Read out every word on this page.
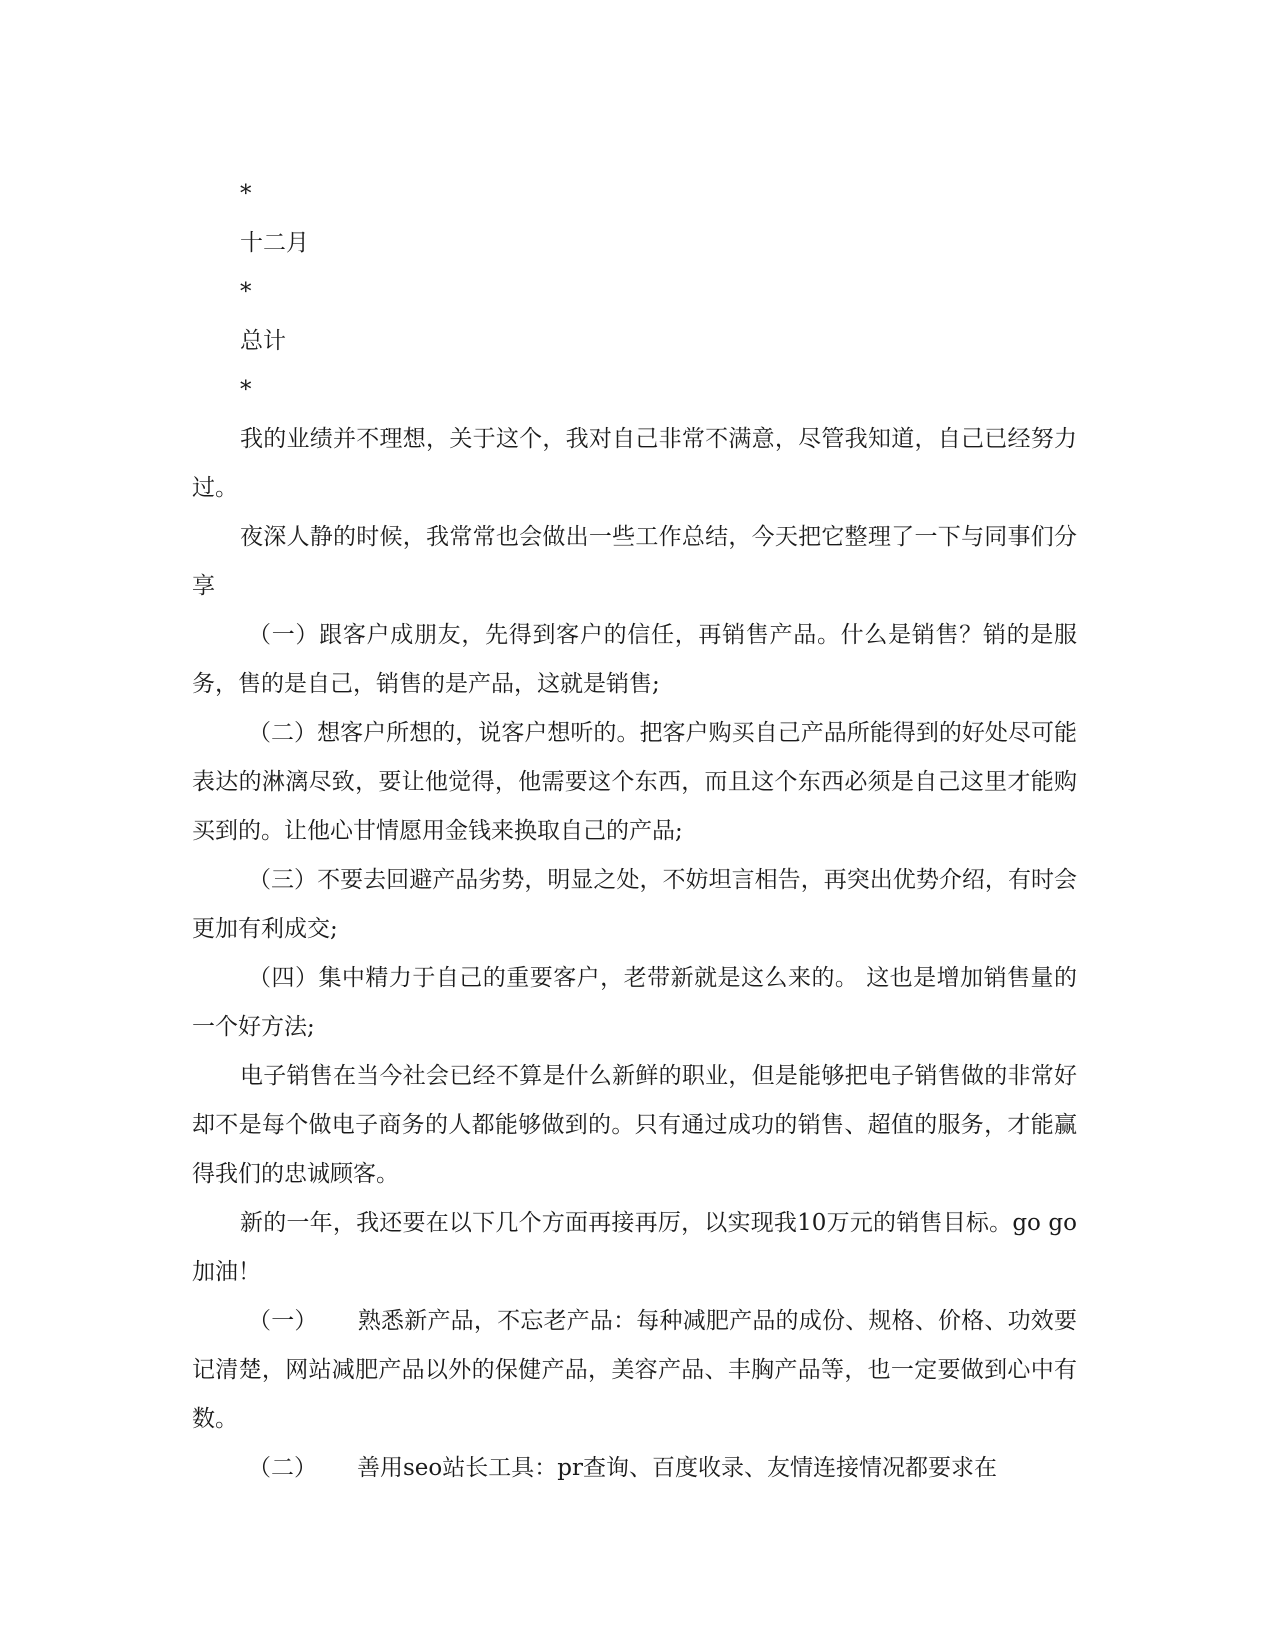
*

十二月

*

总计

*

我的业绩并不理想，关于这个，我对自己非常不满意，尽管我知道，自己已经努力过。

夜深人静的时候，我常常也会做出一些工作总结，今天把它整理了一下与同事们分享

（一）跟客户成朋友，先得到客户的信任，再销售产品。什么是销售？销的是服务，售的是自己，销售的是产品，这就是销售;

（二）想客户所想的，说客户想听的。把客户购买自己产品所能得到的好处尽可能表达的淋漓尽致，要让他觉得，他需要这个东西，而且这个东西必须是自己这里才能购买到的。让他心甘情愿用金钱来换取自己的产品;

（三）不要去回避产品劣势，明显之处，不妨坦言相告，再突出优势介绍，有时会更加有利成交;

（四）集中精力于自己的重要客户，老带新就是这么来的。 这也是增加销售量的一个好方法;

电子销售在当今社会已经不算是什么新鲜的职业，但是能够把电子销售做的非常好却不是每个做电子商务的人都能够做到的。只有通过成功的销售、超值的服务，才能赢得我们的忠诚顾客。

新的一年，我还要在以下几个方面再接再厉，以实现我10万元的销售目标。go go 加油！

（一） 熟悉新产品，不忘老产品：每种减肥产品的成份、规格、价格、功效要记清楚，网站减肥产品以外的保健产品，美容产品、丰胸产品等，也一定要做到心中有数。

（二） 善用seo站长工具：pr查询、百度收录、友情连接情况都要求在
